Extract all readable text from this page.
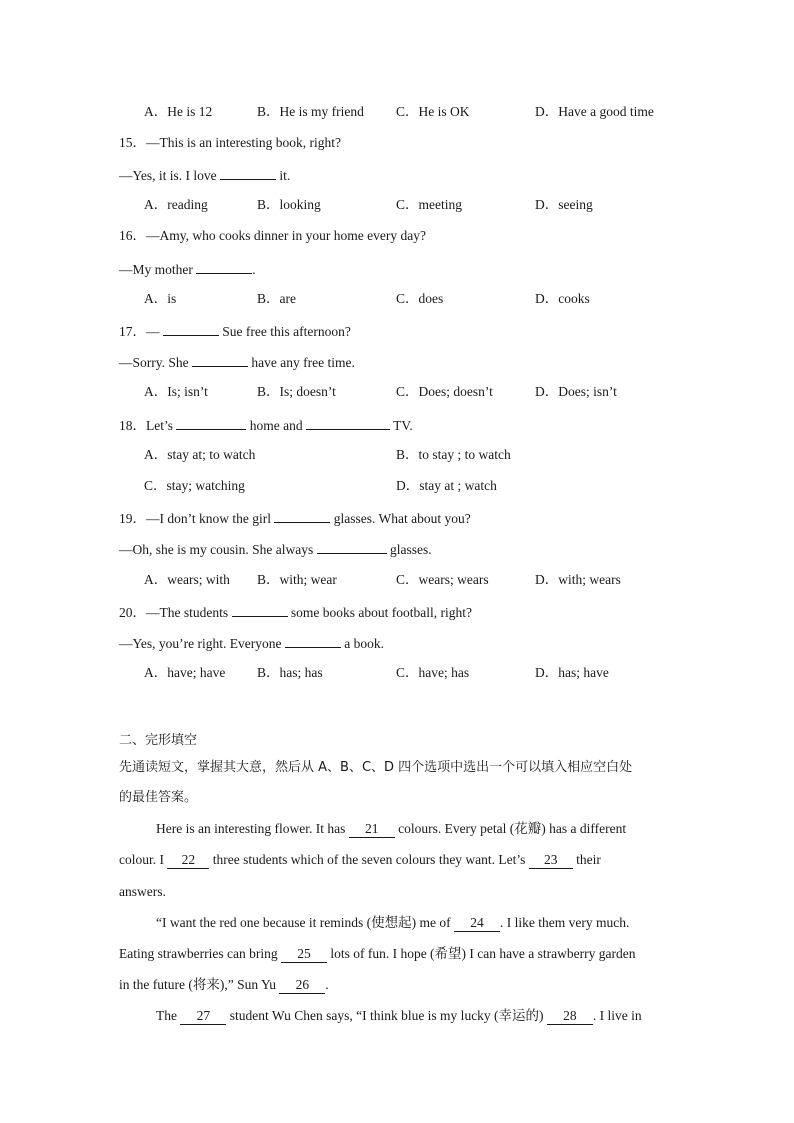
A．He is 12	B．He is my friend C．He is OK	D．Have a good time
15．—This is an interesting book, right?
—Yes, it is. I love	it.
A．reading	B．looking	C．meeting	D．seeing
16．—Amy, who cooks dinner in your home every day?
—My mother	.
A．is	B．are	C．does	D．cooks
17．—	Sue free this afternoon?
—Sorry. She	have any free time.
A．Is; isn’t	B．Is; doesn’t	C．Does; doesn’t	D．Does; isn’t
18．Let’s	home and	TV.
A．stay at; to watch	B．to stay ; to watch
C．stay; watching	D．stay at ; watch
19．—I don’t know the girl	glasses. What about you?
—Oh, she is my cousin. She always	glasses.
A．wears; with B．with; wear	C．wears; wears	D．with; wears
20．—The students	some books about football, right?
—Yes, you’re right. Everyone	a book.
A．have; have B．has; has	C．have; has	D．has; have
二、完形填空
先通读短文，掌握其大意，然后从 A、B、C、D 四个选项中选出一个可以填入相应空白处
的最佳答案。
Here is an interesting flower. It has 21 colours. Every petal (花瓣) has a different
colour. I 22 three students which of the seven colours they want. Let’s 23 their
answers.
“I want the red one because it reminds (使想起) me of 24 . I like them very much.
Eating strawberries can bring 25 lots of fun. I hope (希望) I can have a strawberry garden
in the future (将来),” Sun Yu 26 .
The 27 student Wu Chen says, “I think blue is my lucky (幸运的) 28 . I live in
